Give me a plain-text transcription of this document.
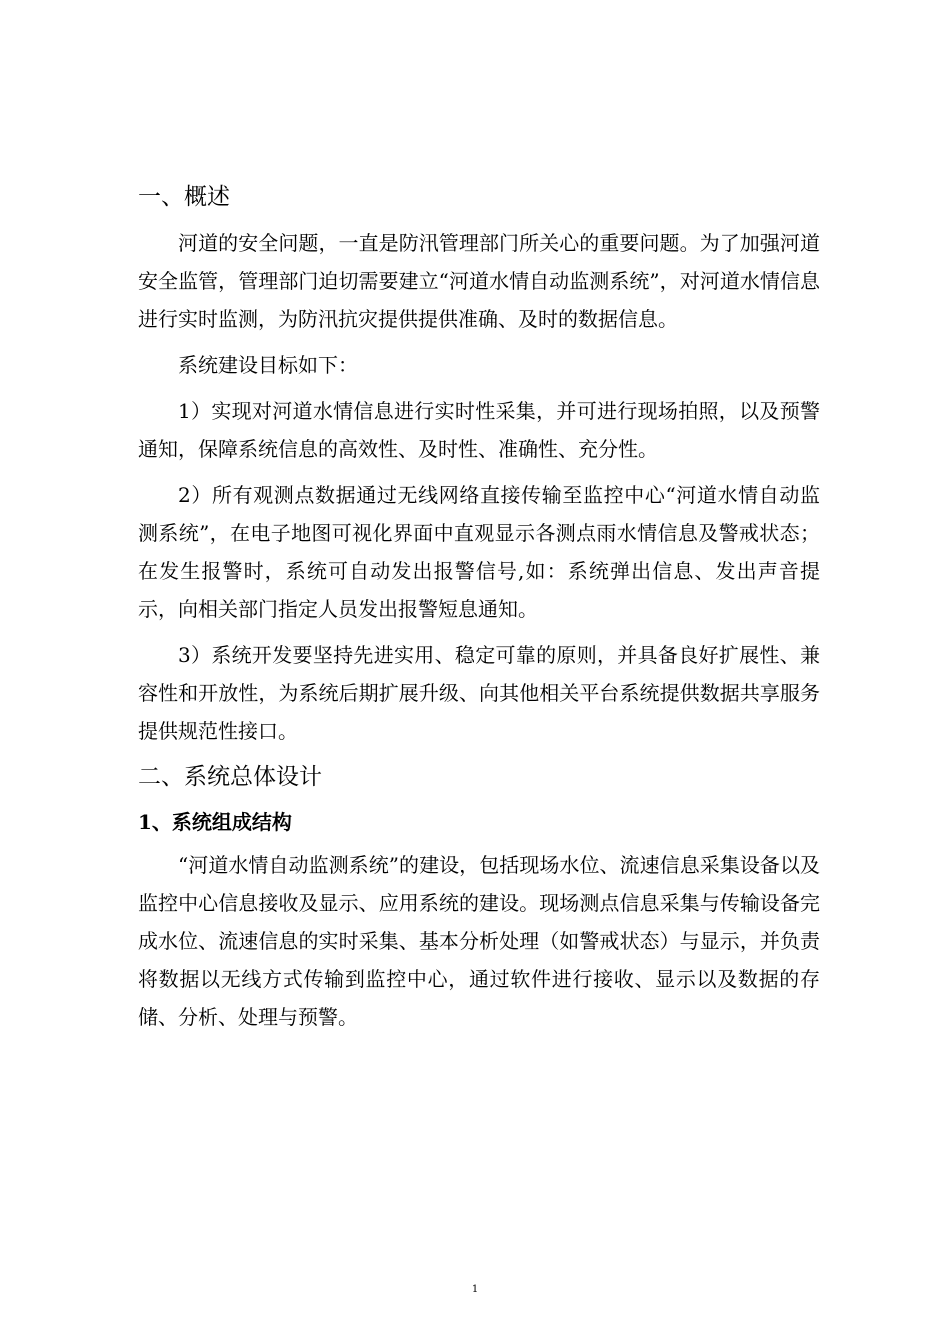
一、概述

河道的安全问题，一直是防汛管理部门所关心的重要问题。为了加强河道安全监管，管理部门迫切需要建立“河道水情自动监测系统”，对河道水情信息进行实时监测，为防汛抗灾提供提供准确、及时的数据信息。

系统建设目标如下：

1）实现对河道水情信息进行实时性采集，并可进行现场拍照，以及预警通知，保障系统信息的高效性、及时性、准确性、充分性。

2）所有观测点数据通过无线网络直接传输至监控中心“河道水情自动监测系统”，在电子地图可视化界面中直观显示各测点雨水情信息及警戒状态；在发生报警时，系统可自动发出报警信号,如：系统弹出信息、发出声音提示，向相关部门指定人员发出报警短息通知。

3）系统开发要坚持先进实用、稳定可靠的原则，并具备良好扩展性、兼容性和开放性，为系统后期扩展升级、向其他相关平台系统提供数据共享服务提供规范性接口。

二、系统总体设计
1、系统组成结构

“河道水情自动监测系统”的建设，包括现场水位、流速信息采集设备以及监控中心信息接收及显示、应用系统的建设。现场测点信息采集与传输设备完成水位、流速信息的实时采集、基本分析处理（如警戒状态）与显示，并负责将数据以无线方式传输到监控中心，通过软件进行接收、显示以及数据的存储、分析、处理与预警。

1
